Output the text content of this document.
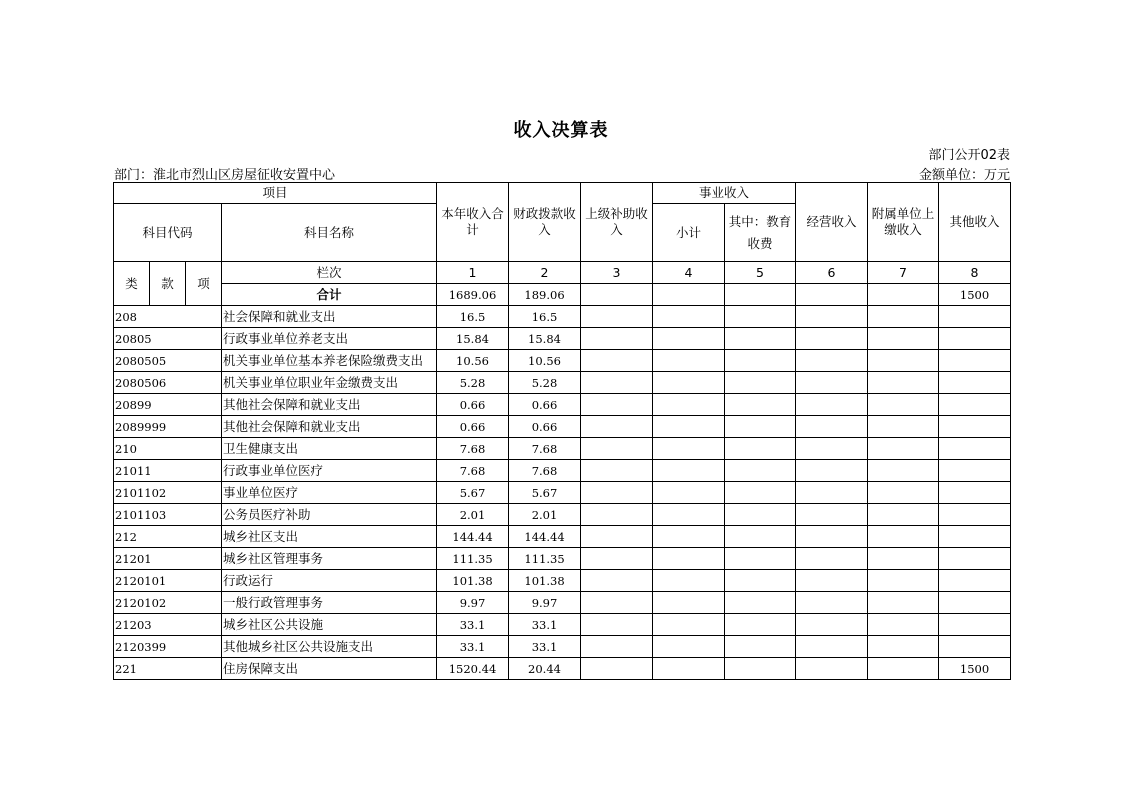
收入决算表
部门公开02表
部门：淮北市烈山区房屋征收安置中心	金额单位：万元
项目				本年收入合计	财政拨款收入	上级补助收入	事业收入		经营收入	附属单位上缴收入	其他收入
科目代码			科目名称				小计	其中：教育收费			
类	款	项	栏次	1	2	3	4	5	6	7	8
			合计	1689.06	189.06						1500
208			社会保障和就业支出	16.5	16.5						
20805			行政事业单位养老支出	15.84	15.84						
2080505			机关事业单位基本养老保险缴费支出	10.56	10.56						
2080506			机关事业单位职业年金缴费支出	5.28	5.28						
20899			其他社会保障和就业支出	0.66	0.66						
2089999			其他社会保障和就业支出	0.66	0.66						
210			卫生健康支出	7.68	7.68						
21011			行政事业单位医疗	7.68	7.68						
2101102			事业单位医疗	5.67	5.67						
2101103			公务员医疗补助	2.01	2.01						
212			城乡社区支出	144.44	144.44						
21201			城乡社区管理事务	111.35	111.35						
2120101			行政运行	101.38	101.38						
2120102			一般行政管理事务	9.97	9.97						
21203			城乡社区公共设施	33.1	33.1						
2120399			其他城乡社区公共设施支出	33.1	33.1						
221			住房保障支出	1520.44	20.44						1500
